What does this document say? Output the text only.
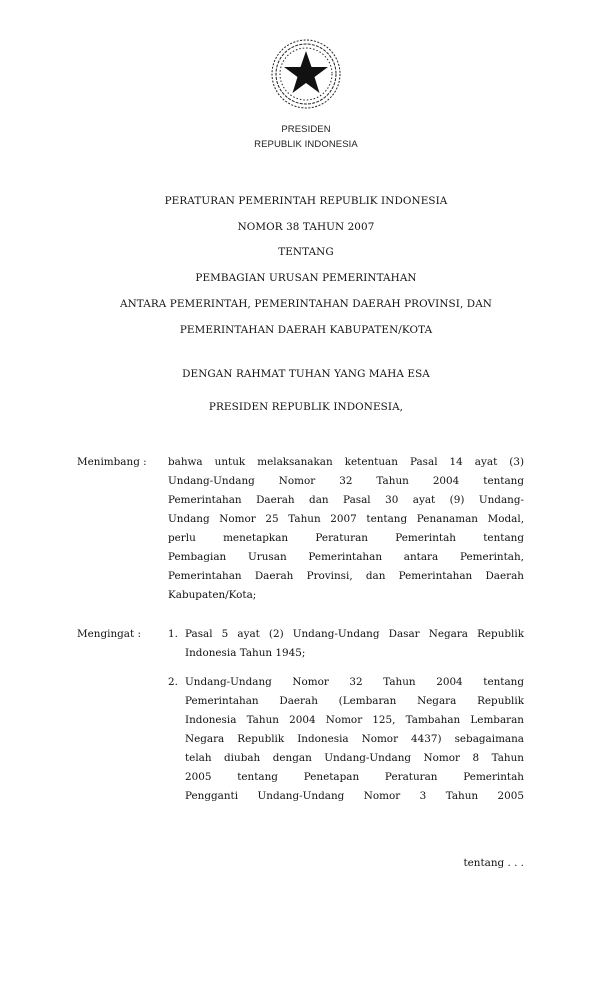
PRESIDEN
REPUBLIK INDONESIA
PERATURAN PEMERINTAH REPUBLIK INDONESIA
NOMOR 38 TAHUN 2007
TENTANG
PEMBAGIAN URUSAN PEMERINTAHAN
ANTARA PEMERINTAH, PEMERINTAHAN DAERAH PROVINSI, DAN
PEMERINTAHAN DAERAH KABUPATEN/KOTA
DENGAN RAHMAT TUHAN YANG MAHA ESA
PRESIDEN REPUBLIK INDONESIA,
Menimbang :	bahwa untuk melaksanakan ketentuan Pasal 14 ayat (3)
Undang-Undang Nomor 32 Tahun 2004 tentang
Pemerintahan Daerah dan Pasal 30 ayat (9) Undang-
Undang Nomor 25 Tahun 2007 tentang Penanaman Modal,
perlu menetapkan Peraturan Pemerintah tentang
Pembagian Urusan Pemerintahan antara Pemerintah,
Pemerintahan Daerah Provinsi, dan Pemerintahan Daerah
Kabupaten/Kota;
Mengingat :	1. Pasal 5 ayat (2) Undang-Undang Dasar Negara Republik
Indonesia Tahun 1945;
2. Undang-Undang Nomor 32 Tahun 2004 tentang
Pemerintahan Daerah (Lembaran Negara Republik
Indonesia Tahun 2004 Nomor 125, Tambahan Lembaran
Negara Republik Indonesia Nomor 4437) sebagaimana
telah diubah dengan Undang-Undang Nomor 8 Tahun
2005 tentang Penetapan Peraturan Pemerintah
Pengganti Undang-Undang Nomor 3 Tahun 2005
tentang . . .
